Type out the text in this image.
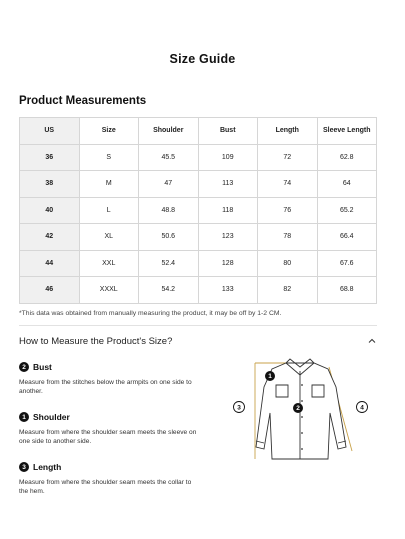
Size Guide
Product Measurements
US	Size	Shoulder	Bust	Length	Sleeve Length
36	S	45.5	109	72	62.8
38	M	47	113	74	64
40	L	48.8	118	76	65.2
42	XL	50.6	123	78	66.4
44	XXL	52.4	128	80	67.6
46	XXXL	54.2	133	82	68.8
*This data was obtained from manually measuring the product, it may be off by 1-2 CM.
How to Measure the Product's Size?
2 Bust
Measure from the stitches below the armpits on one side to another.
1 Shoulder
Measure from where the shoulder seam meets the sleeve on one side to another side.
3 Length
Measure from where the shoulder seam meets the collar to the hem.
1
2
3	4
